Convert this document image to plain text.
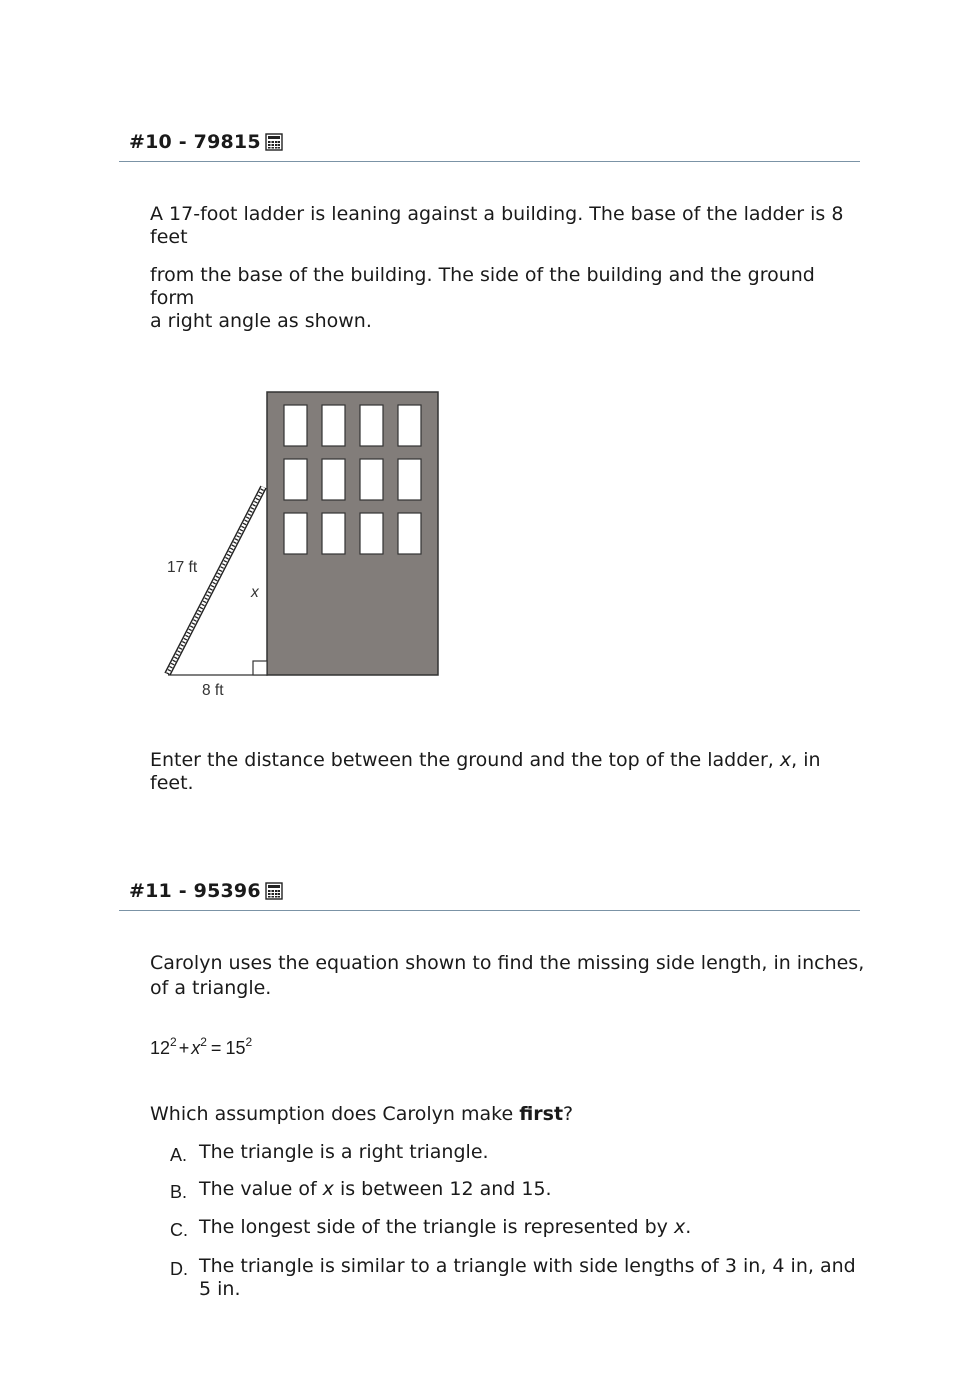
#10 - 79815

A 17-foot ladder is leaning against a building. The base of the ladder is 8 feet

from the base of the building. The side of the building and the ground form
a right angle as shown.

17 ft
x
8 ft

Enter the distance between the ground and the top of the ladder, x, in feet.

#11 - 95396

Carolyn uses the equation shown to find the missing side length, in inches, of a triangle.

$12^2 + x^2 = 15^2$

Which assumption does Carolyn make first?

A. The triangle is a right triangle.
B. The value of x is between 12 and 15.
C. The longest side of the triangle is represented by x.
D. The triangle is similar to a triangle with side lengths of 3 in, 4 in, and 5 in.
